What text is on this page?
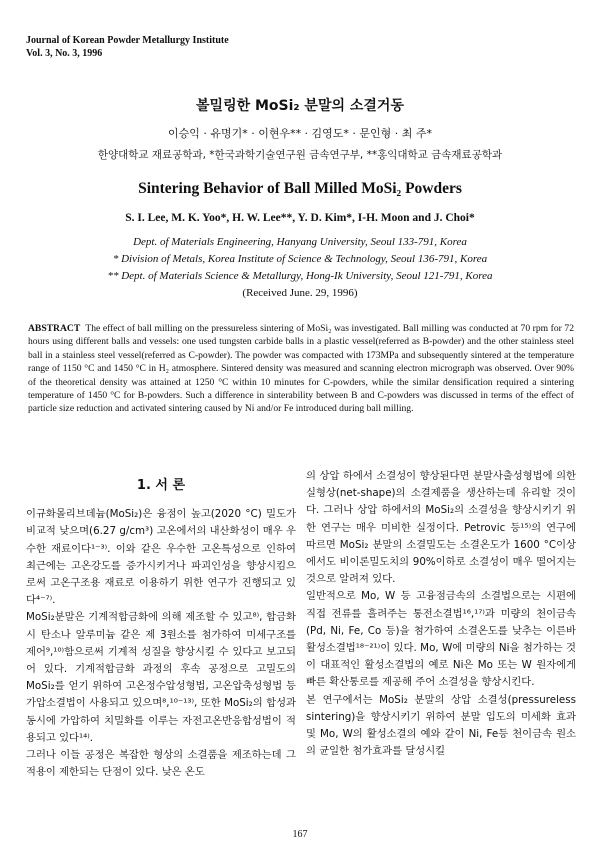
Journal of Korean Powder Metallurgy Institute
Vol. 3, No. 3, 1996
볼밀링한 MoSi₂ 분말의 소결거동
이승익 · 유명기* · 이현우** · 김영도* · 문인형 · 최 주*
한양대학교 재료공학과, *한국과학기술연구원 금속연구부, **홍익대학교 금속재료공학과
Sintering Behavior of Ball Milled MoSi₂ Powders
S. I. Lee, M. K. Yoo*, H. W. Lee**, Y. D. Kim*, I-H. Moon and J. Choi*
Dept. of Materials Engineering, Hanyang University, Seoul 133-791, Korea
* Division of Metals, Korea Institute of Science & Technology, Seoul 136-791, Korea
** Dept. of Materials Science & Metallurgy, Hong-Ik University, Seoul 121-791, Korea
(Received June. 29, 1996)
ABSTRACT The effect of ball milling on the pressureless sintering of MoSi₂ was investigated. Ball milling was conducted at 70 rpm for 72 hours using different balls and vessels: one used tungsten carbide balls in a plastic vessel(referred as B-powder) and the other stainless steel ball in a stainless steel vessel(referred as C-powder). The powder was compacted with 173MPa and subsequently sintered at the temperature range of 1150 °C and 1450 °C in H₂ atmosphere. Sintered density was measured and scanning electron micrograph was observed. Over 90% of the theoretical density was attained at 1250 °C within 10 minutes for C-powders, while the similar densification required a sintering temperature of 1450 °C for B-powders. Such a difference in sinterability between B and C-powders was discussed in terms of the effect of particle size reduction and activated sintering caused by Ni and/or Fe introduced during ball milling.

1. 서 론

이규화몰리브데늄(MoSi₂)은 융점이 높고(2020 °C) 밀도가 비교적 낮으며(6.27 g/cm³) 고온에서의 내산화성이 매우 우수한 재료이다¹⁻³⁾. 이와 같은 우수한 고온특성으로 인하여 최근에는 고온강도를 증가시키거나 파괴인성을 향상시킴으로써 고온구조용 재료로 이용하기 위한 연구가 진행되고 있다⁴⁻⁷⁾.

MoSi₂분말은 기계적합금화에 의해 제조할 수 있고⁸⁾, 합금화시 탄소나 알루미늄 같은 제 3원소를 첨가하여 미세구조를 제어⁹,¹⁰⁾함으로써 기계적 성질을 향상시킬 수 있다고 보고되어 있다. 기계적합금화 과정의 후속 공정으로 고밀도의 MoSi₂를 얻기 위하여 고온정수압성형법, 고온압축성형법 등 가압소결법이 사용되고 있으며⁸,¹⁰⁻¹³⁾, 또한 MoSi₂의 합성과 동시에 가압하여 치밀화를 이루는 자전고온반응합성법이 적용되고 있다¹⁴⁾.

그러나 이들 공정은 복잡한 형상의 소결품을 제조하는데 그 적용이 제한되는 단점이 있다. 낮은 온도

의 상압 하에서 소결성이 향상된다면 분말사출성형법에 의한 실형상(net-shape)의 소결제품을 생산하는데 유리할 것이다. 그러나 상압 하에서의 MoSi₂의 소결성을 향상시키기 위한 연구는 매우 미비한 실정이다. Petrovic 등¹⁵⁾의 연구에 따르면 MoSi₂ 분말의 소결밀도는 소결온도가 1600 °C이상에서도 비이론밀도치의 90%이하로 소결성이 매우 떨어지는 것으로 알려져 있다.

일반적으로 Mo, W 등 고융점금속의 소결법으로는 시편에 직접 전류를 흘려주는 통전소결법¹⁶,¹⁷⁾과 미량의 천이금속(Pd, Ni, Fe, Co 등)을 첨가하여 소결온도를 낮추는 이른바 활성소결법¹⁸⁻²¹⁾이 있다. Mo, W에 미량의 Ni을 첨가하는 것이 대표적인 활성소결법의 예로 Ni은 Mo 또는 W 원자에게 빠른 확산통로를 제공해 주어 소결성을 향상시킨다.

본 연구에서는 MoSi₂ 분말의 상압 소결성(pressureless sintering)을 향상시키기 위하여 분말 입도의 미세화 효과 및 Mo, W의 활성소결의 예와 같이 Ni, Fe등 천이금속 원소의 균일한 첨가효과를 달성시킬

167
